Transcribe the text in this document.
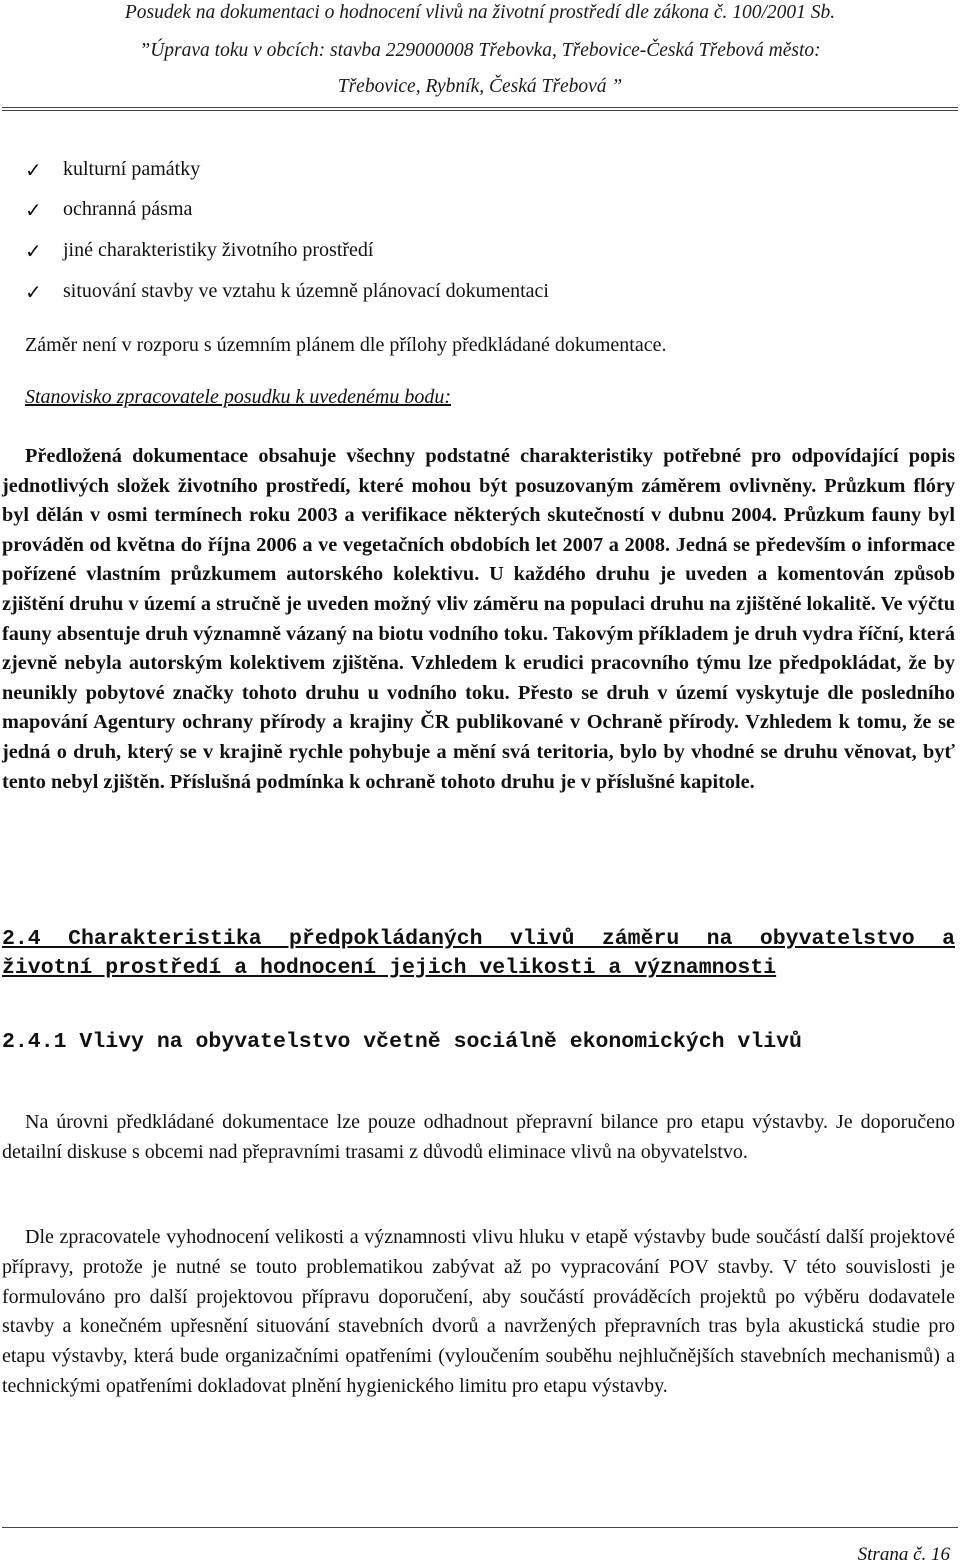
Posudek na dokumentaci o hodnocení vlivů na životní prostředí dle zákona č. 100/2001 Sb.
”Úprava toku v obcích: stavba 229000008 Třebovka, Třebovice-Česká Třebová město:
Třebovice, Rybník, Česká Třebová ”
✓ kulturní památky
✓ ochranná pásma
✓ jiné charakteristiky životního prostředí
✓ situování stavby ve vztahu k územně plánovací dokumentaci
Záměr není v rozporu s územním plánem dle přílohy předkládané dokumentace.
Stanovisko zpracovatele posudku k uvedenému bodu:
Předložená dokumentace obsahuje všechny podstatné charakteristiky potřebné pro odpovídající popis jednotlivých složek životního prostředí, které mohou být posuzovaným záměrem ovlivněny. Průzkum flóry byl dělán v osmi termínech roku 2003 a verifikace některých skutečností v dubnu 2004. Průzkum fauny byl prováděn od května do října 2006 a ve vegetačních obdobích let 2007 a 2008. Jedná se především o informace pořízené vlastním průzkumem autorského kolektivu. U každého druhu je uveden a komentován způsob zjištění druhu v území a stručně je uveden možný vliv záměru na populaci druhu na zjištěné lokalitě. Ve výčtu fauny absentuje druh významně vázaný na biotu vodního toku. Takovým příkladem je druh vydra říční, která zjevně nebyla autorským kolektivem zjištěna. Vzhledem k erudici pracovního týmu lze předpokládat, že by neunikly pobytové značky tohoto druhu u vodního toku. Přesto se druh v území vyskytuje dle posledního mapování Agentury ochrany přírody a krajiny ČR publikované v Ochraně přírody. Vzhledem k tomu, že se jedná o druh, který se v krajině rychle pohybuje a mění svá teritoria, bylo by vhodné se druhu věnovat, byť tento nebyl zjištěn. Příslušná podmínka k ochraně tohoto druhu je v příslušné kapitole.
2.4 Charakteristika předpokládaných vlivů záměru na obyvatelstvo a životní prostředí a hodnocení jejich velikosti a významnosti
2.4.1 Vlivy na obyvatelstvo včetně sociálně ekonomických vlivů
Na úrovni předkládané dokumentace lze pouze odhadnout přepravní bilance pro etapu výstavby. Je doporučeno detailní diskuse s obcemi nad přepravními trasami z důvodů eliminace vlivů na obyvatelstvo.
Dle zpracovatele vyhodnocení velikosti a významnosti vlivu hluku v etapě výstavby bude součástí další projektové přípravy, protože je nutné se touto problematikou zabývat až po vypracování POV stavby. V této souvislosti je formulováno pro další projektovou přípravu doporučení, aby součástí prováděcích projektů po výběru dodavatele stavby a konečném upřesnění situování stavebních dvorů a navržených přepravních tras byla akustická studie pro etapu výstavby, která bude organizačními opatřeními (vyloučením souběhu nejhlučnějších stavebních mechanismů) a technickými opatřeními dokladovat plnění hygienického limitu pro etapu výstavby.
Strana č. 16
